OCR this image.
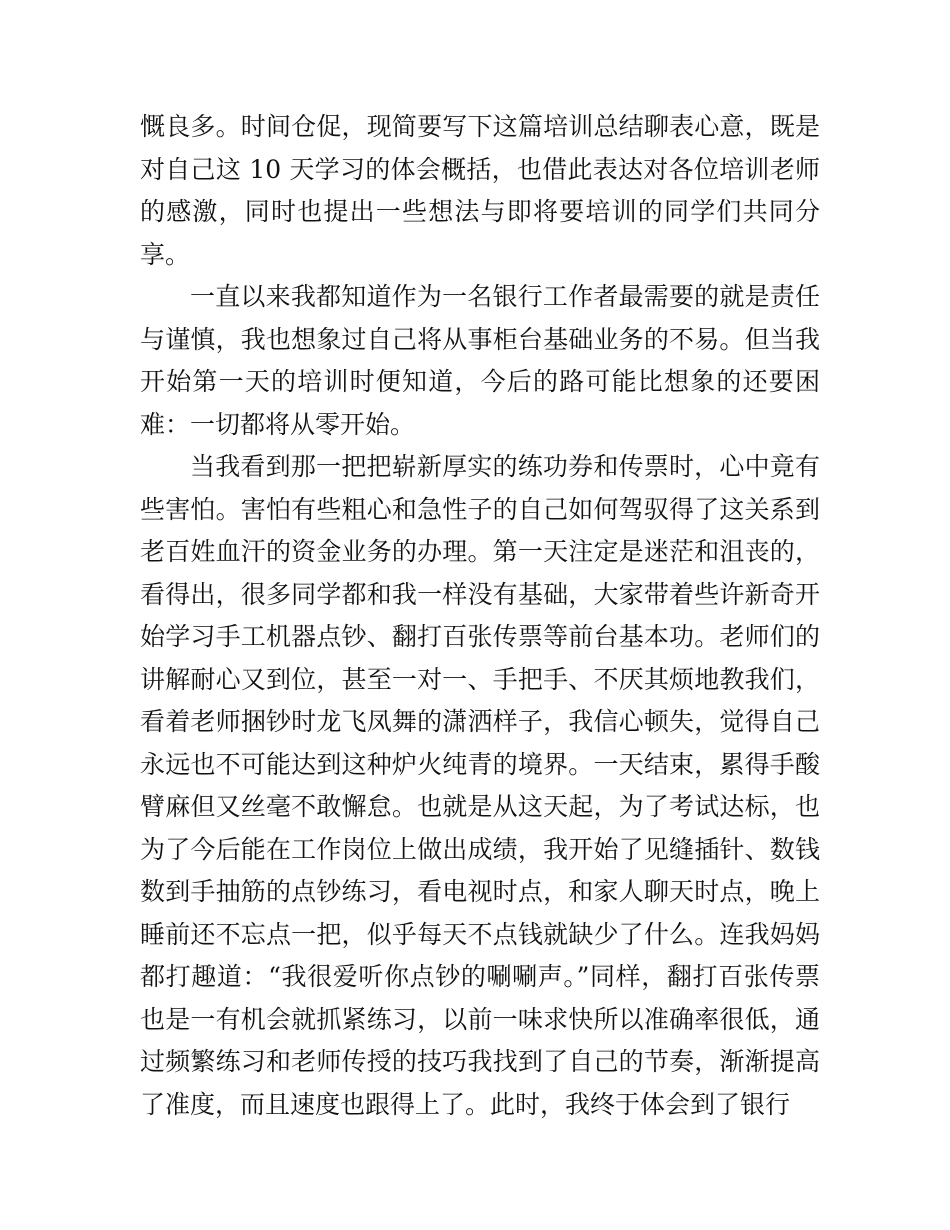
慨良多。时间仓促，现简要写下这篇培训总结聊表心意，既是对自己这 10 天学习的体会概括，也借此表达对各位培训老师的感激，同时也提出一些想法与即将要培训的同学们共同分享。

一直以来我都知道作为一名银行工作者最需要的就是责任与谨慎，我也想象过自己将从事柜台基础业务的不易。但当我开始第一天的培训时便知道，今后的路可能比想象的还要困难：一切都将从零开始。

当我看到那一把把崭新厚实的练功券和传票时，心中竟有些害怕。害怕有些粗心和急性子的自己如何驾驭得了这关系到老百姓血汗的资金业务的办理。第一天注定是迷茫和沮丧的，看得出，很多同学都和我一样没有基础，大家带着些许新奇开始学习手工机器点钞、翻打百张传票等前台基本功。老师们的讲解耐心又到位，甚至一对一、手把手、不厌其烦地教我们，看着老师捆钞时龙飞凤舞的潇洒样子，我信心顿失，觉得自己永远也不可能达到这种炉火纯青的境界。一天结束，累得手酸臂麻但又丝毫不敢懈怠。也就是从这天起，为了考试达标，也为了今后能在工作岗位上做出成绩，我开始了见缝插针、数钱数到手抽筋的点钞练习，看电视时点，和家人聊天时点，晚上睡前还不忘点一把，似乎每天不点钱就缺少了什么。连我妈妈都打趣道：“我很爱听你点钞的唰唰声。”同样，翻打百张传票也是一有机会就抓紧练习，以前一味求快所以准确率很低，通过频繁练习和老师传授的技巧我找到了自己的节奏，渐渐提高了准度，而且速度也跟得上了。此时，我终于体会到了银行
